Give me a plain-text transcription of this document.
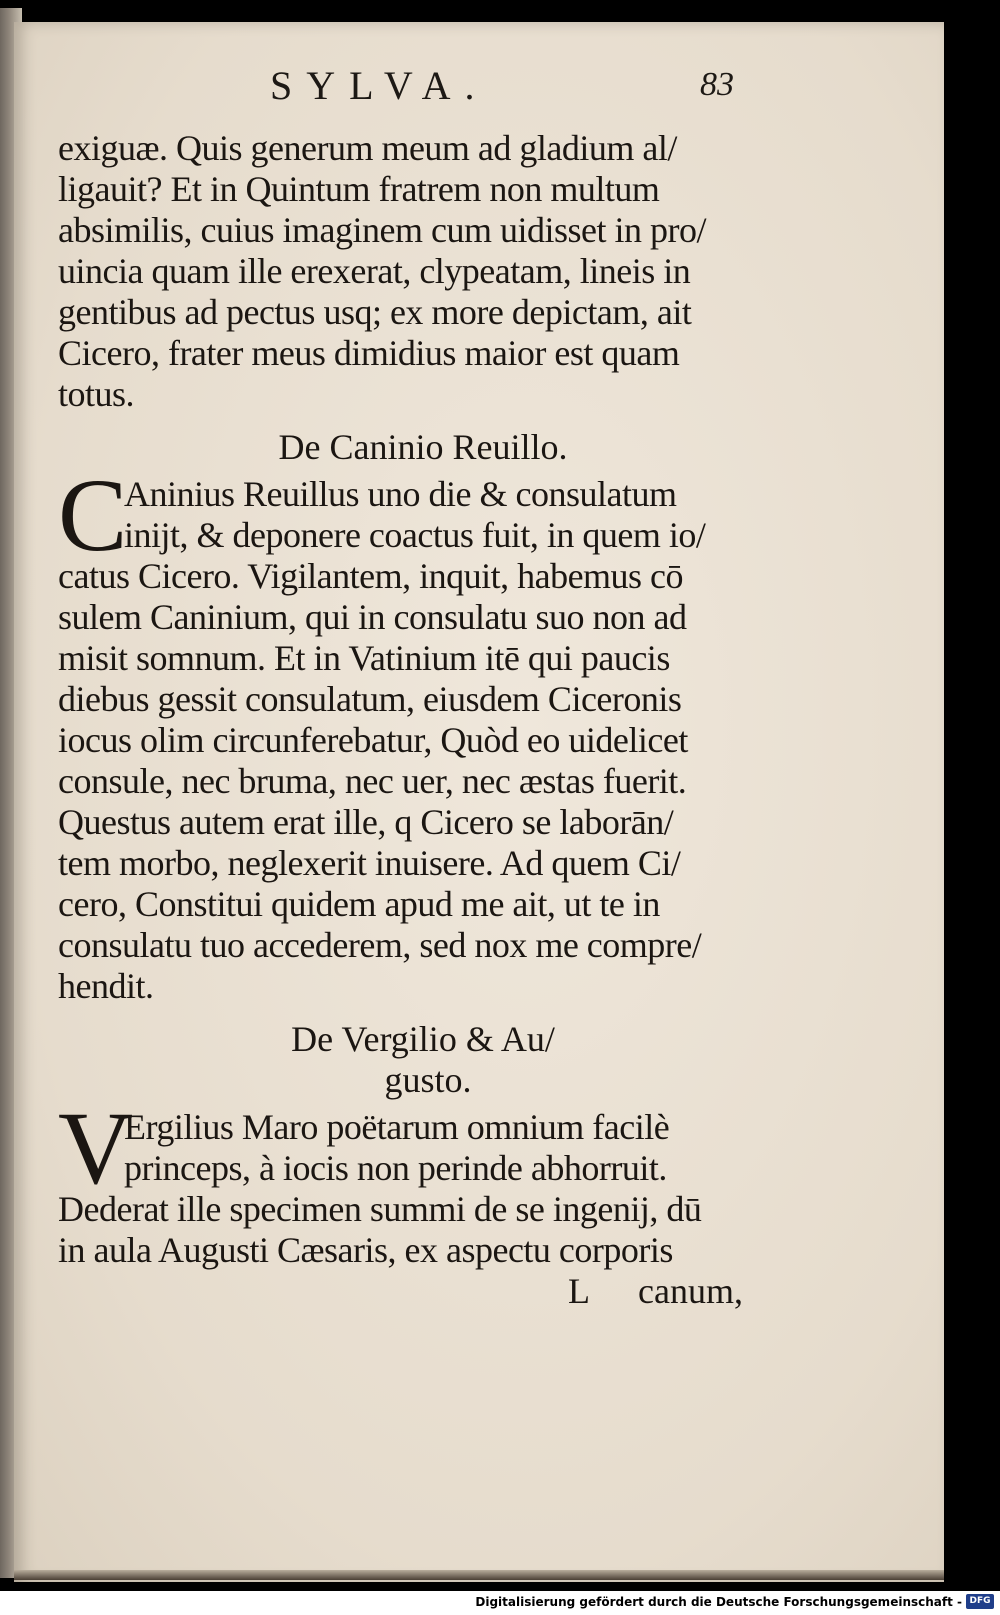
SYLVA.	83
exiguæ. Quis generum meum ad gladium al/
ligauit? Et in Quintum fratrem non multum
absimilis, cuius imaginem cum uidisset in pro/
uincia quam ille erexerat, clypeatam, lineis in
gentibus ad pectus usq; ex more depictam, ait
Cicero, frater meus dimidius maior est quam
totus.
De Caninio Reuillo.
C
Aninius Reuillus uno die & consulatum
inijt, & deponere coactus fuit, in quem io/
catus Cicero. Vigilantem, inquit, habemus cō
sulem Caninium, qui in consulatu suo non ad
misit somnum. Et in Vatinium itē qui paucis
diebus gessit consulatum, eiusdem Ciceronis
iocus olim circunferebatur, Quòd eo uidelicet
consule, nec bruma, nec uer, nec æstas fuerit.
Questus autem erat ille, q Cicero se laborān/
tem morbo, neglexerit inuisere. Ad quem Ci/
cero, Constitui quidem apud me ait, ut te in
consulatu tuo accederem, sed nox me compre/
hendit.
De Vergilio & Au/
gusto.
V
Ergilius Maro poëtarum omnium facilè
princeps, à iocis non perinde abhorruit.
Dederat ille specimen summi de se ingenij, dū
in aula Augusti Cæsaris, ex aspectu corporis
L canum,
Digitalisierung gefördert durch die Deutsche Forschungsgemeinschaft - DFG
